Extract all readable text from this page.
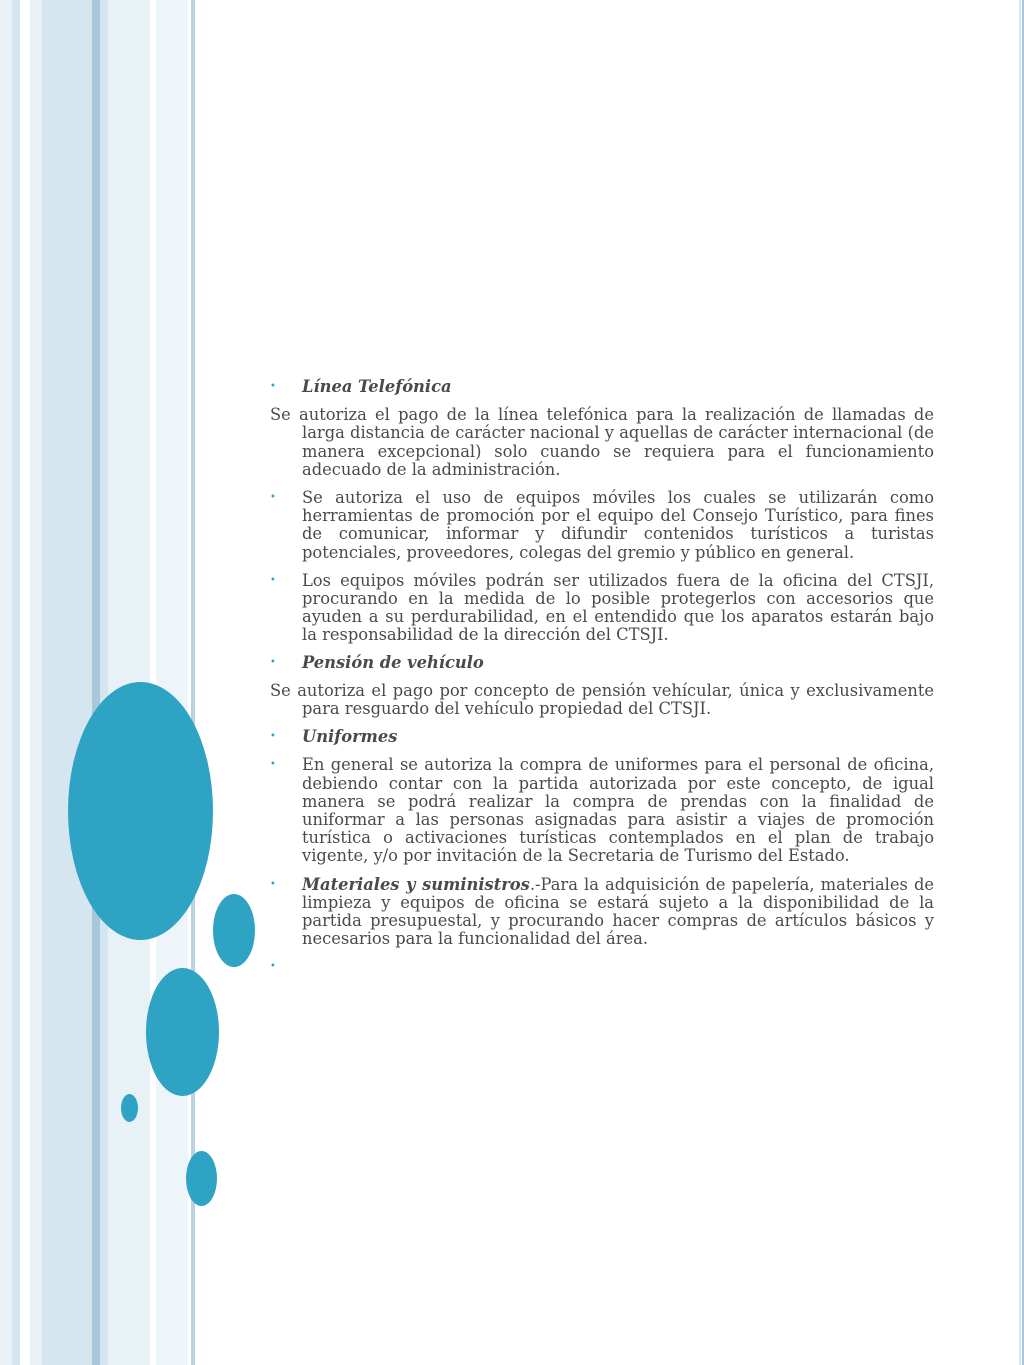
• Línea Telefónica
Se autoriza el pago de la línea telefónica para la realización de llamadas de larga distancia de carácter nacional y aquellas de carácter internacional (de manera excepcional) solo cuando se requiera para el funcionamiento adecuado de la administración.
• Se autoriza el uso de equipos móviles los cuales se utilizarán como herramientas de promoción por el equipo del Consejo Turístico, para fines de comunicar, informar y difundir contenidos turísticos a turistas potenciales, proveedores, colegas del gremio y público en general.
• Los equipos móviles podrán ser utilizados fuera de la oficina del CTSJI, procurando en la medida de lo posible protegerlos con accesorios que ayuden a su perdurabilidad, en el entendido que los aparatos estarán bajo la responsabilidad de la dirección del CTSJI.
• Pensión de vehículo
Se autoriza el pago por concepto de pensión vehícular, única y exclusivamente para resguardo del vehículo propiedad del CTSJI.
• Uniformes
• En general se autoriza la compra de uniformes para el personal de oficina, debiendo contar con la partida autorizada por este concepto, de igual manera se podrá realizar la compra de prendas con la finalidad de uniformar a las personas asignadas para asistir a viajes de promoción turística o activaciones turísticas contemplados en el plan de trabajo vigente, y/o por invitación de la Secretaria de Turismo del Estado.
• Materiales y suministros.-Para la adquisición de papelería, materiales de limpieza y equipos de oficina se estará sujeto a la disponibilidad de la partida presupuestal, y procurando hacer compras de artículos básicos y necesarios para la funcionalidad del área.
•
